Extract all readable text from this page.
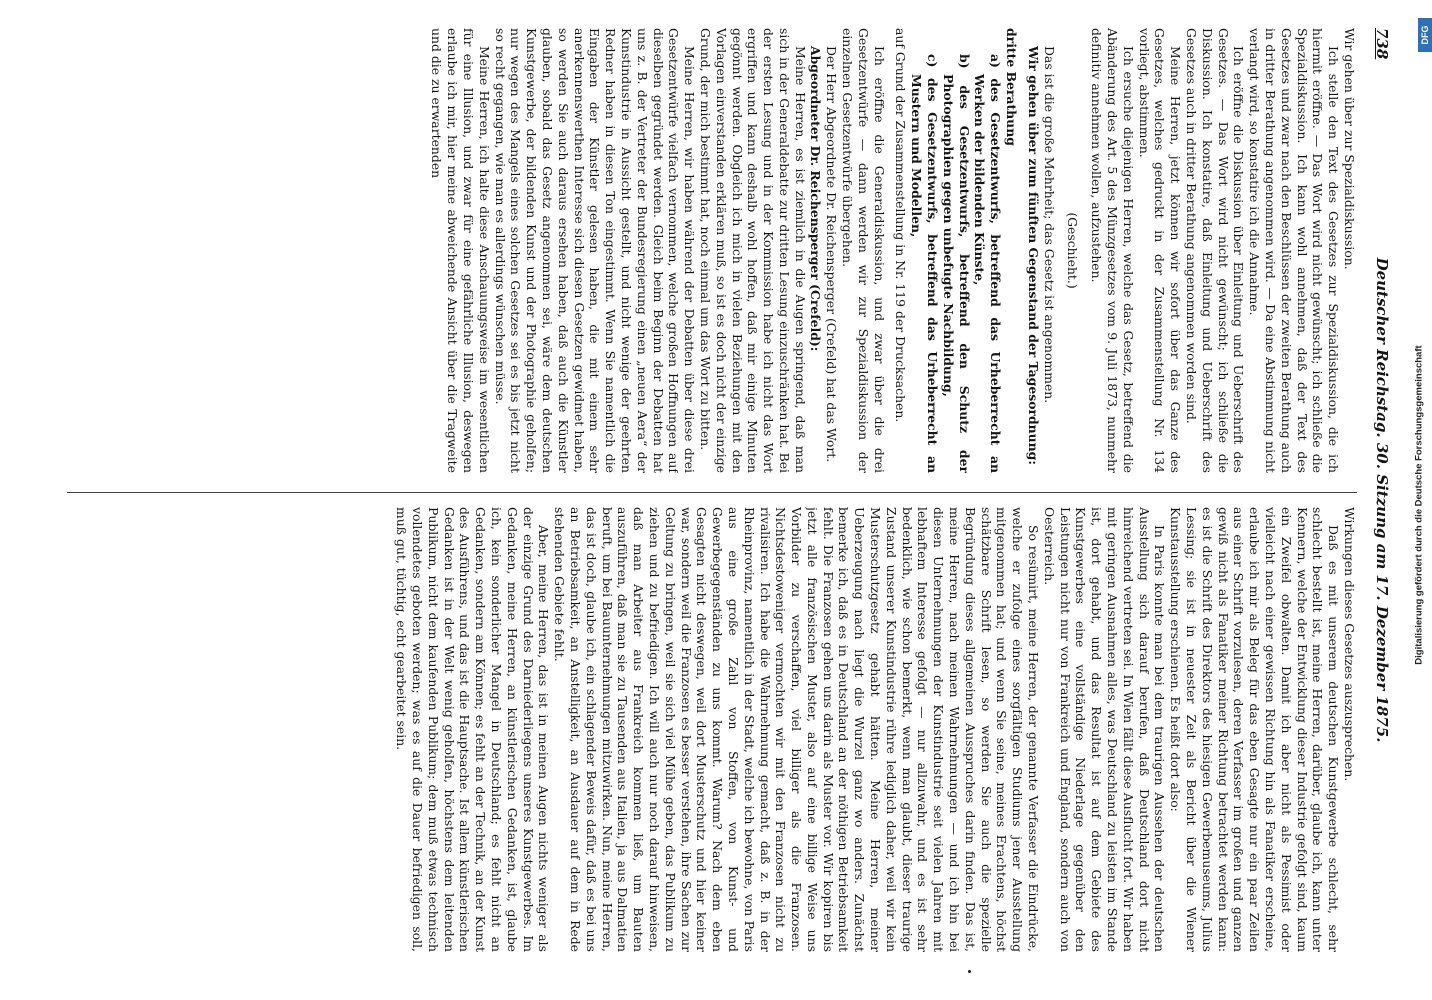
738
Deutscher Reichstag. 30. Sitzung am 17. Dezember 1875.

Wir gehen über zur Spezialdiskussion.

Ich stelle den Text des Gesetzes zur Spezialdiskussion, die ich hiermit eröffne. — Das Wort wird nicht gewünscht; ich schließe die Spezialdiskussion. Ich kann wohl annehmen, daß der Text des Gesetzes und zwar nach den Beschlüssen der zweiten Berathung auch in dritter Berathung angenommen wird. — Da eine Abstimmung nicht verlangt wird, so konstatire ich die Annahme.

Ich eröffne die Diskussion über Einleitung und Ueberschrift des Gesetzes. — Das Wort wird nicht gewünscht; ich schließe die Diskussion. Ich konstatire, daß Einleitung und Ueberschrift des Gesetzes auch in dritter Berathung angenommen worden sind.

Meine Herren, jetzt können wir sofort über das Ganze des Gesetzes, welches gedruckt in der Zusammenstellung Nr. 134 vorliegt, abstimmen.

Ich ersuche diejenigen Herren, welche das Gesetz, betreffend die Abänderung des Art. 5 des Münzgesetzes vom 9. Juli 1873, nunmehr definitiv annehmen wollen, aufzustehen.

(Geschieht.)

Das ist die große Mehrheit; das Gesetz ist angenommen.

Wir gehen über zum fünften Gegenstand der Tagesordnung:

dritte Berathung

a) des Gesetzentwurfs, betreffend das Urheberrecht an Werken der bildenden Künste,

b) des Gesetzentwurfs, betreffend den Schutz der Photographien gegen unbefugte Nachbildung,

c) des Gesetzentwurfs, betreffend das Urheberrecht an Mustern und Modellen,

auf Grund der Zusammenstellung in Nr. 119 der Drucksachen.

Ich eröffne die Generaldiskussion, und zwar über die drei Gesetzentwürfe — dann werden wir zur Spezialdiskussion der einzelnen Gesetzentwürfe übergehen.

Der Herr Abgeordnete Dr. Reichensperger (Crefeld) hat das Wort.

Abgeordneter Dr. Reichensperger (Crefeld):

Meine Herren, es ist ziemlich in die Augen springend, daß man sich in der Generaldebatte zur dritten Lesung einzuschränken hat. Bei der ersten Lesung und in der Kommission habe ich nicht das Wort ergriffen und kann deshalb wohl hoffen, daß mir einige Minuten gegönnt werden. Obgleich ich mich in vielen Beziehungen mit den Vorlagen einverstanden erklären muß, so ist es doch nicht der einzige Grund, der mich bestimmt hat, noch einmal um das Wort zu bitten.

Meine Herren, wir haben während der Debatten über diese drei Gesetzentwürfe vielfach vernommen, welche großen Hoffnungen auf dieselben gegründet werden. Gleich beim Beginn der Debatten hat uns z. B. der Vertreter der Bundesregierung einen „neuen Aera“ der Kunstindustrie in Aussicht gestellt, und nicht wenige der geehrten Redner haben in diesen Ton eingestimmt. Wenn Sie namentlich die Eingaben der Künstler gelesen haben, die mit einem sehr anerkennenswerthen Interesse sich diesen Gesetzen gewidmet haben, so werden Sie auch daraus ersehen haben, daß auch die Künstler glauben, sobald das Gesetz angenommen sei, wäre dem deutschen Kunstgewerbe, der bildenden Kunst und der Photographie geholfen; nur wegen des Mangels eines solchen Gesetzes sei es bis jetzt nicht so recht gegangen, wie man es allerdings wünschen müsse.

Meine Herren, ich halte diese Anschauungsweise im wesentlichen für eine Illusion, und zwar für eine gefährliche Illusion, deswegen erlaube ich mir, hier meine abweichende Ansicht über die Tragweite und die zu erwartenden

Wirkungen dieses Gesetzes auszusprechen.

Daß es mit unserem deutschen Kunstgewerbe schlecht, sehr schlecht bestellt ist, meine Herren, darüber, glaube ich, kann unter Kennern, welche der Entwicklung dieser Industrie gefolgt sind, kaum ein Zweifel obwalten. Damit ich aber nicht als Pessimist oder vielleicht nach einer gewissen Richtung hin als Fanatiker erscheine, erlaube ich mir als Beleg für das eben Gesagte nur ein paar Zeilen aus einer Schrift vorzulesen, deren Verfasser im großen und ganzen gewiß nicht als Fanatiker meiner Richtung betrachtet werden kann: es ist die Schrift des Direktors des hiesigen Gewerbemuseums, Julius Lessing; sie ist in neuester Zeit als Bericht über die Wiener Kunstausstellung erschienen. Es heißt dort also:

In Paris konnte man bei dem traurigen Aussehen der deutschen Ausstellung sich darauf berufen, daß Deutschland dort nicht hinreichend vertreten sei. In Wien fällt diese Ausflucht fort. Wir haben mit geringen Ausnahmen alles, was Deutschland zu leisten im Stande ist, dort gehabt, und das Resultat ist auf dem Gebiete des Kunstgewerbes eine vollständige Niederlage gegenüber den Leistungen nicht nur von Frankreich und England, sondern auch von Oesterreich.

So resümirt, meine Herren, der genannte Verfasser die Eindrücke, welche er zufolge eines sorgfältigen Studiums jener Ausstellung mitgenommen hat; und wenn Sie seine, meines Erachtens, höchst schätzbare Schrift lesen, so werden Sie auch die spezielle Begründung dieses allgemeinen Ausspruches darin finden. Das ist, meine Herren, nach meinen Wahrnehmungen — und ich bin bei diesen Unternehmungen der Kunstindustrie seit vielen Jahren mit lebhaftem Interesse gefolgt — nur allzuwahr, und es ist sehr bedenklich, wie schon bemerkt, wenn man glaubt, dieser traurige Zustand unserer Kunstindustrie rühre lediglich daher, weil wir kein Musterschutzgesetz gehabt hätten. Meine Herren, meiner Ueberzeugung nach liegt die Wurzel ganz wo anders. Zunächst bemerke ich, daß es in Deutschland an der nöthigen Betriebsamkeit fehlt. Die Franzosen gehen uns darin als Muster vor. Wir kopiren bis jetzt alle französischen Muster, also auf eine billige Weise uns Vorbilder zu verschaffen, viel billiger als die Franzosen. Nichtsdestoweniger vermochten wir mit den Franzosen nicht zu rivalisiren. Ich habe die Wahrnehmung gemacht, daß z. B. in der Rheinprovinz, namentlich in der Stadt, welche ich bewohne, von Paris aus eine große Zahl von Stoffen, von Kunst- und Gewerbegegenständen zu uns kommt. Warum? Nach dem eben Gesagten nicht deswegen, weil dort Musterschutz und hier keiner war, sondern weil die Franzosen es besser verstehen, ihre Sachen zur Geltung zu bringen, weil sie sich viel Mühe geben, das Publikum zu ziehen und zu befriedigen. Ich will auch nur noch darauf hinweisen, daß man Arbeiter aus Frankreich kommen ließ, um Bauten auszuführen, daß man sie zu Tausenden aus Italien, ja aus Dalmatien beruft, um bei Bauunternehmungen mitzuwirken. Nun, meine Herren, das ist doch, glaube ich, ein schlagender Beweis dafür, daß es bei uns an Betriebsamkeit, an Anstelligkeit, an Ausdauer auf dem in Rede stehenden Gebiete fehlt.

Aber, meine Herren, das ist in meinen Augen nichts weniger als der einzige Grund des Darniederliegens unseres Kunstgewerbes. Im Gedanken, meine Herren, an künstlerischen Gedanken, ist, glaube ich, kein sonderlicher Mangel in Deutschland; es fehlt nicht an Gedanken, sondern am Können; es fehlt an der Technik, an der Kunst des Ausführens, und das ist die Hauptsache. Ist allem künstlerischen Gedanken ist in der Welt wenig geholfen, höchstens dem leitenden Publikum, nicht dem kaufenden Publikum; dem muß etwas technisch vollendetes geboten werden; was es auf die Dauer befriedigen soll, muß gut, tüchtig, echt gearbeitet sein.	Digitalisierung gefördert durch die Deutsche Forschungsgemeinschaft
DFG
